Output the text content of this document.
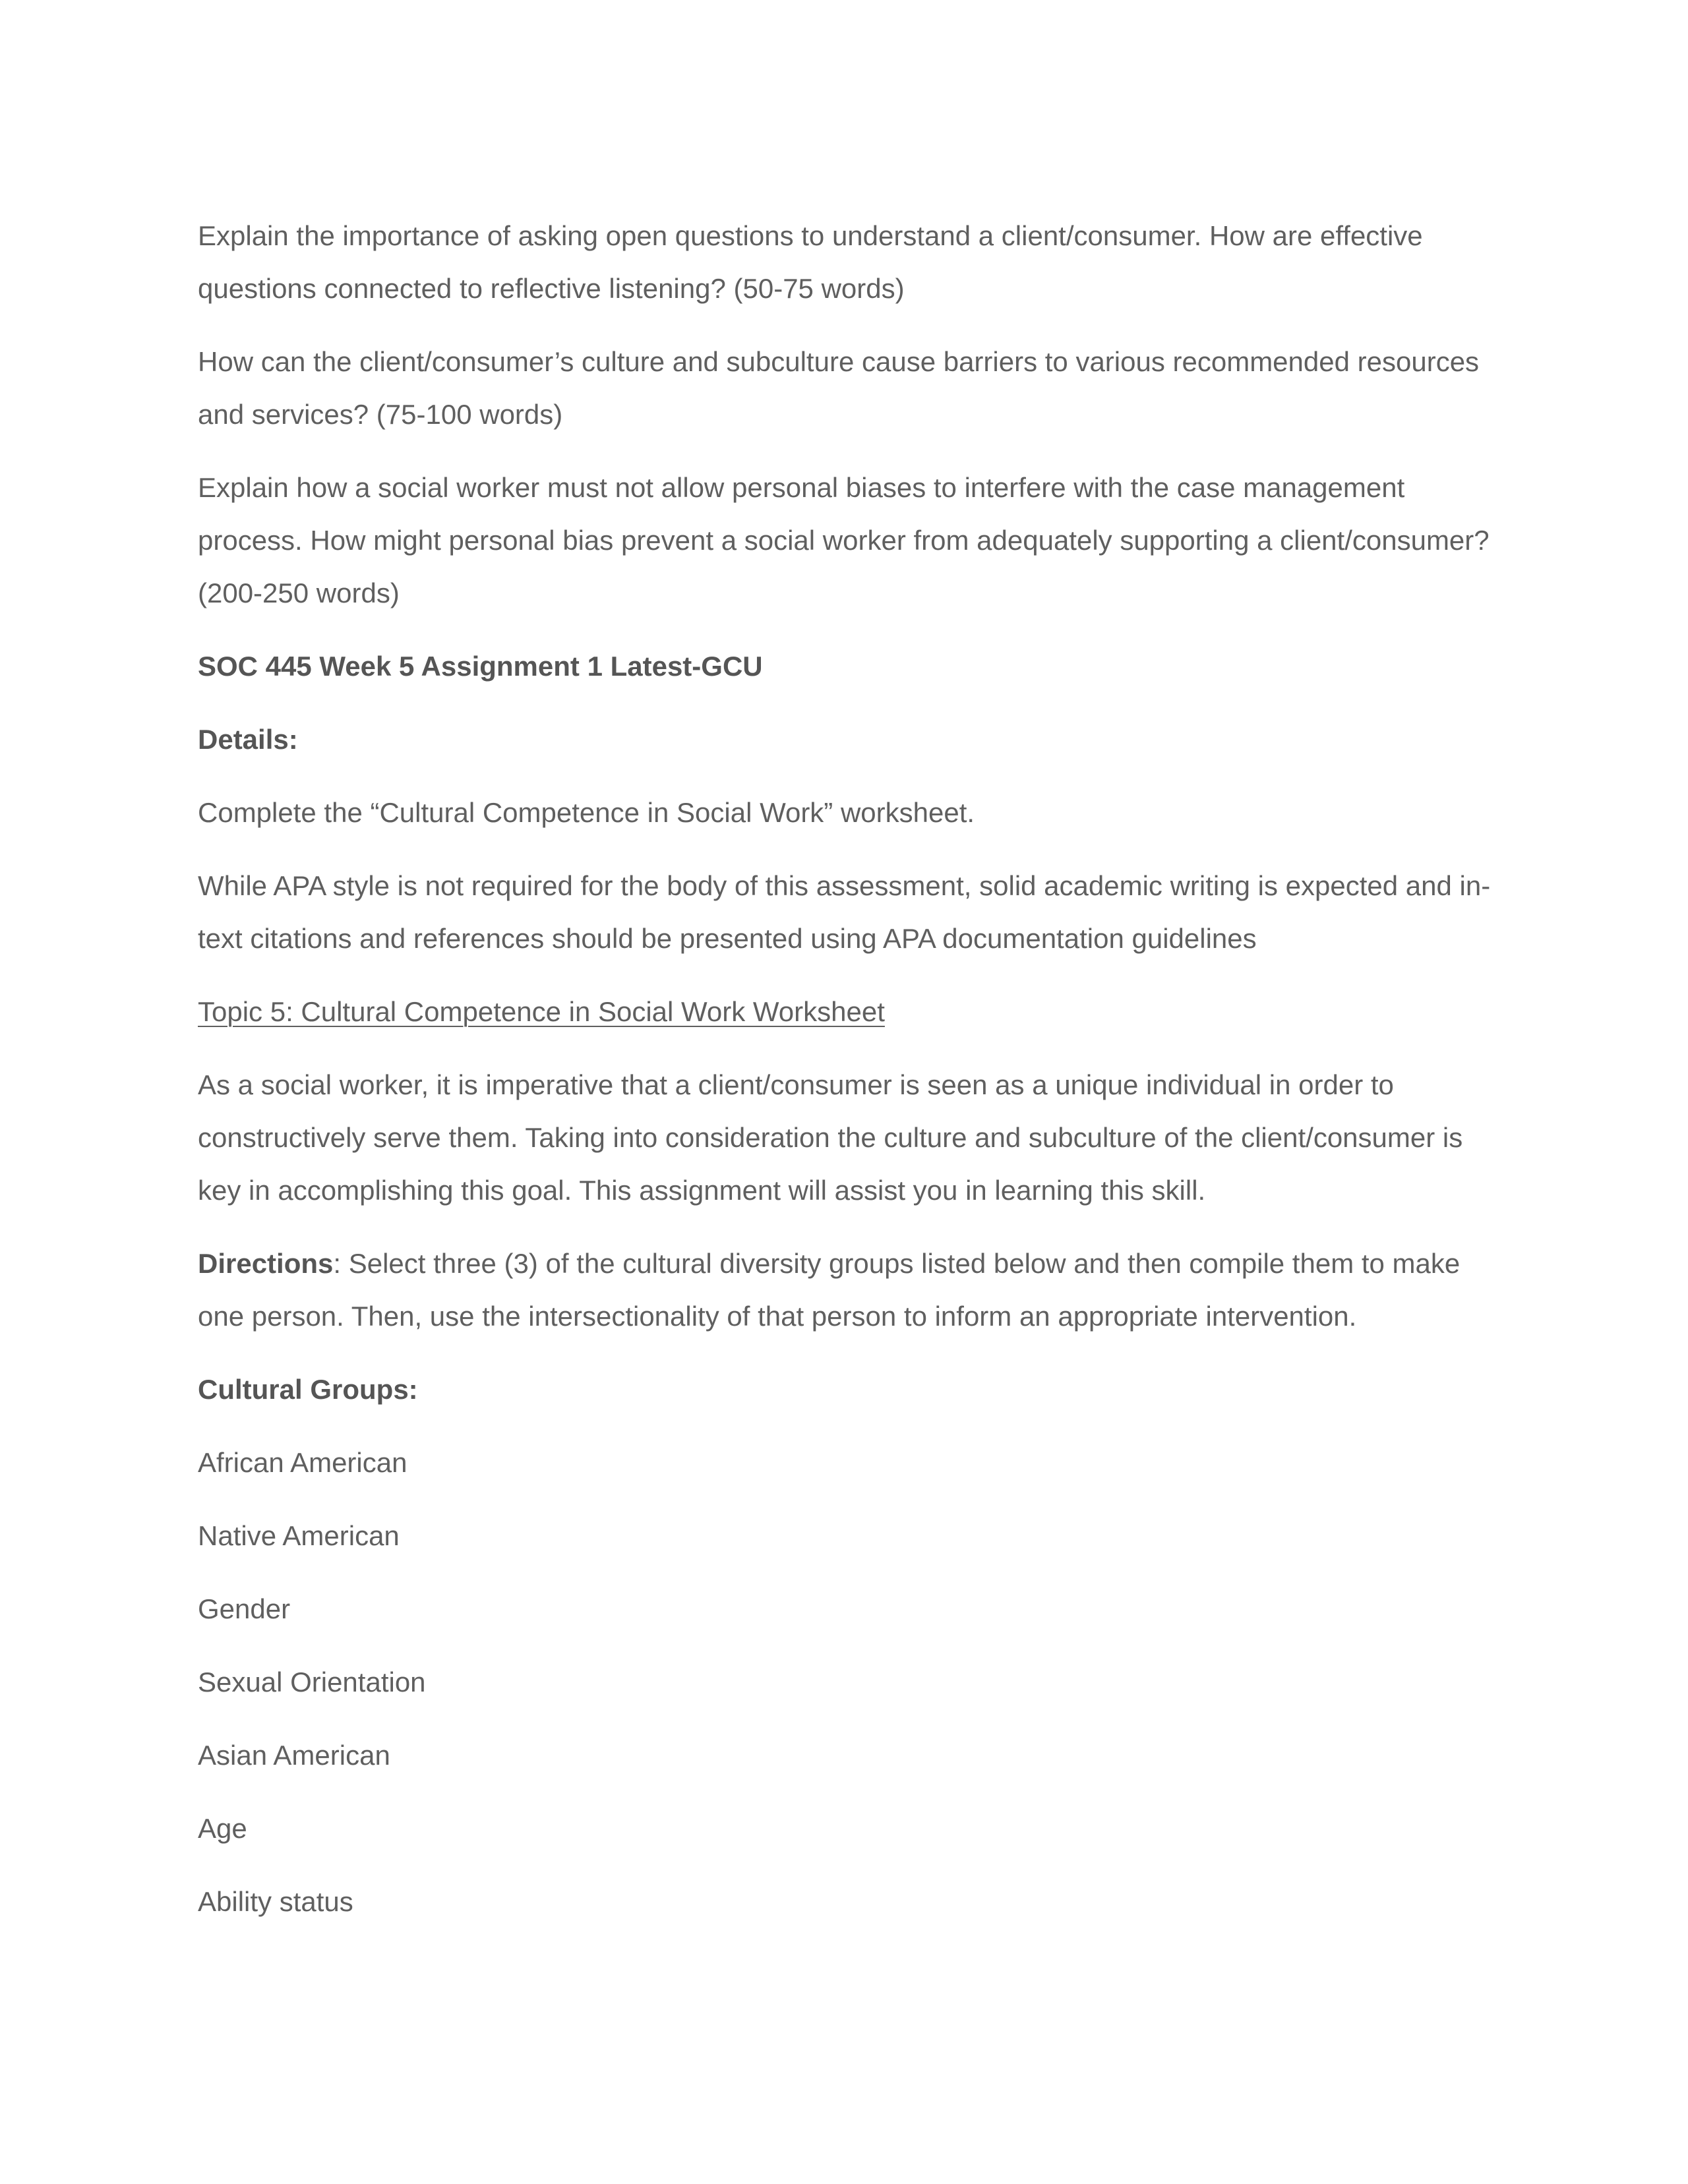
Explain the importance of asking open questions to understand a client/consumer. How are effective questions connected to reflective listening? (50-75 words)

How can the client/consumer’s culture and subculture cause barriers to various recommended resources and services? (75-100 words)

Explain how a social worker must not allow personal biases to interfere with the case management process. How might personal bias prevent a social worker from adequately supporting a client/consumer? (200-250 words)

SOC 445 Week 5 Assignment 1 Latest-GCU

Details:

Complete the “Cultural Competence in Social Work” worksheet.

While APA style is not required for the body of this assessment, solid academic writing is expected and in-text citations and references should be presented using APA documentation guidelines

Topic 5: Cultural Competence in Social Work Worksheet

As a social worker, it is imperative that a client/consumer is seen as a unique individual in order to constructively serve them. Taking into consideration the culture and subculture of the client/consumer is key in accomplishing this goal. This assignment will assist you in learning this skill.

Directions: Select three (3) of the cultural diversity groups listed below and then compile them to make one person. Then, use the intersectionality of that person to inform an appropriate intervention.

Cultural Groups:

African American

Native American

Gender

Sexual Orientation

Asian American

Age

Ability status
